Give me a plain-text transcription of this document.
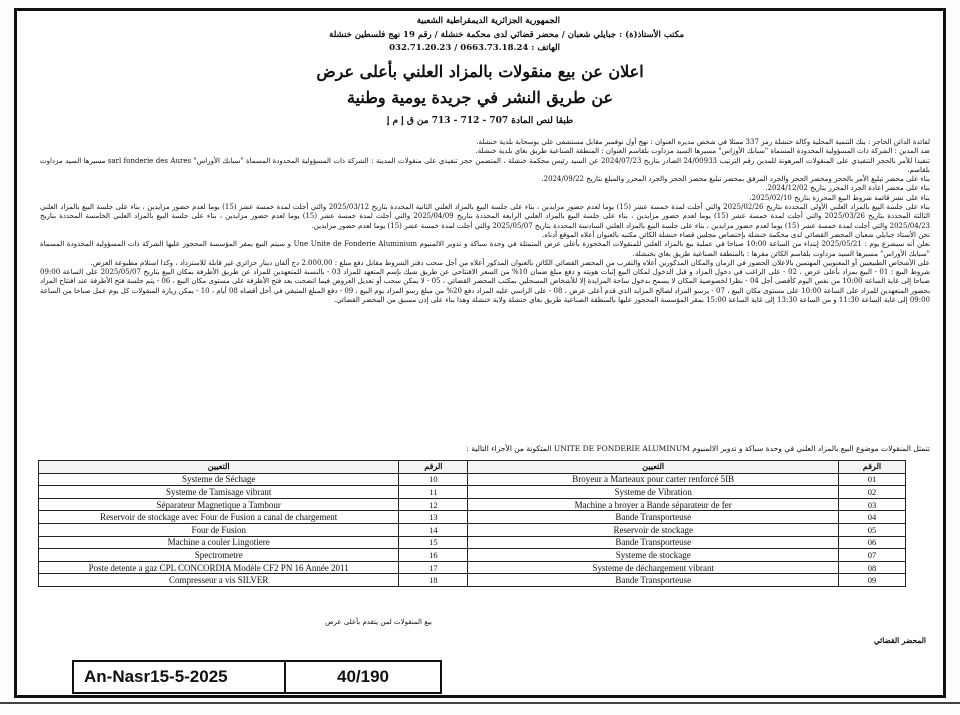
الجمهورية الجزائرية الديمقراطية الشعبية
مكتب الأستاذ(ة) : جبايلي شعبان / محضر قضائي لدى محكمة خنشلة / رقم 19 نهج فلسطين خنشلة
الهاتف : 0663.73.18.24 / 032.71.20.23
اعلان عن بيع منقولات بالمزاد العلني بأعلى عرض
عن طريق النشر في جريدة يومية وطنية
طبقا لنص المادة 707 - 712 - 713 من ق إ م إ

لفائدة الدائن الحاجز : بنك التنمية المحلية وكالة خنشلة رمز 337 ممثلا في شخص مديره العنوان : نهج أول نوفمبر مقابل مستشفى علي بوسحابة بلدية خنشلة.

ضد المدين : الشركة ذات المسؤولية المحدودة المسماة "سبابك الأوراس" مسيرها السيد مزداوت بلقاسم العنوان : المنطقة الصناعية طريق بغاي بلدية خنشلة.

تنفيذا للأمر بالحجز التنفيذي على المنقولات المرهونة للمدين رقم الترتيب 24/00933 الصادر بتاريخ 2024/07/23 عن السيد رئيس محكمة خنشلة ، المتضمن حجز تنفيذي على منقولات المدينة : الشركة ذات المسؤولية المحدودة المسماة "سبابك الأوراس" sarl fonderie des Aures مسيرها السيد مزداوت بلقاسم.

بناء على محضر تبليغ الأمر بالحجز ومحضر الحجز والجرد المرفق بمحضر تبليغ محضر الحجز والجرد المحرر والمبلغ بتاريخ 2024/09/22.

بناء على محضر اعادة الجرد المحرر بتاريخ 2024/12/02.

بناء على نشر قائمة شروط البيع المحررة بتاريخ 2025/02/10.

بناء على جلسة البيع بالمزاد العلني الأولى المحددة بتاريخ 2025/02/26 والتي أجلت لمدة خمسة عشر (15) يوما لعدم حضور مزايدين ، بناء على جلسة البيع بالمزاد العلني الثانية المحددة بتاريخ 2025/03/12 والتي أجلت لمدة خمسة عشر (15) يوما لعدم حضور مزايدين ، بناء على جلسة البيع بالمزاد العلني الثالثة المحددة بتاريخ 2025/03/26 والتي أجلت لمدة خمسة عشر (15) يوما لعدم حضور مزايدين ، بناء على جلسة البيع بالمزاد العلني الرابعة المحددة بتاريخ 2025/04/09 والتي أجلت لمدة خمسة عشر (15) يوما لعدم حضور مزايدين ، بناء على جلسة البيع بالمزاد العلني الخامسة المحددة بتاريخ 2025/04/23 والتي أجلت لمدة خمسة عشر (15) يوما لعدم حضور مزايدين ، بناء على جلسة البيع بالمزاد العلني السادسة المحددة بتاريخ 2025/05/07 والتي أجلت لمدة خمسة عشر (15) يوما لعدم حضور مزايدين.

نحن الأستاذ جبايلي شعبان المحضر القضائي لدى محكمة خنشلة بإختصاص مجلس قضاء خنشلة الكائن مكتبه بالعنوان أعلاه الموقع أدناه.

نعلن أنه سيشرع يوم : 2025/05/21 إبتداء من الساعة 10:00 صباحا في عملية بيع بالمزاد العلني للمنقولات المحجوزة بأعلى عرض المتمثلة في وحدة سباكة و تدوير الالمنيوم Une Unite de Fonderie Aluminium و سيتم البيع بمقر المؤسسة المحجوز عليها الشركة ذات المسؤولية المحدودة المسماة "سبابك الأوراس" مسيرها السيد مزداوت بلقاسم الكائن مقرها : بالمنطقة الصناعية طريق بغاي بخنشلة.

على الأشخاص الطبيعيين أو المعنويين المهتمين بالاعلان الحضور في الزمان والمكان المذكورين أعلاه والتقرب من المحضر القضائي الكائن بالعنوان المذكور أعلاه من أجل سحب دفتر الشروط مقابل دفع مبلغ : 2.000.00 دج ألفان دينار جزائري غير قابلة للاسترداد ، وكذا استلام مطبوعة العرض.

شروط البيع : 01 - البيع بمزاد بأعلى عرض ، 02 - على الراغب في دخول المزاد و قبل الدخول لمكان البيع إثبات هويته و دفع مبلغ ضمان 10% من السعر الافتتاحي عن طريق شيك بإسم المتعهد للمزاد 03 - بالنسبة للمتعهدين للمزاد عن طريق الأظرفة بمكان البيع بتاريخ 2025/05/07 على الساعة 09:00 صباحا إلى غاية الساعة 10:00 من نفس اليوم كأقصى أجل 04 - نظرا لخصوصية المكان لا يسمح بدخول ساحة المزايدة إلا للأشخاص المسجلين بمكتب المحضر القضائي ، 05 - لا يمكن سحب أو تعديل العروض فيما اتضحت بعد فتح الأظرفة على مستوى مكان البيع ، 06 - يتم جلسة فتح الأظرفة عند افتتاح المزاد بحضور المتعهدين للمزاد على الساعة 10:00 على مستوى مكان البيع ، 07 - يرسو المزاد لصالح المزايد الذي قدم أعلى عرض ، 08 - على الراسي عليه المزاد دفع 20% من مبلغ رسو المزاد يوم البيع ، 09 - دفع المبلغ المتبقي في أجل أقصاه 08 أيام ، 10 - يمكن زيارة المنقولات كل يوم عمل صباحا من الساعة 09:00 إلى غاية الساعة 11:30 و من الساعة 13:30 إلى غاية الساعة 15:00 بمقر المؤسسة المحجوز عليها بالمنطقة الصناعية طريق بغاي خنشلة ولاية خنشلة وهذا بناء على إذن مسبق من المحضر القضائي.

تتمثل المنقولات موضوع البيع بالمزاد العلني في وحدة سباكة و تدوير الالمنيوم UNITE DE FONDERIE ALUMINUM المتكونة من الأجزاء التالية :
التعيين	الرقم	التعيين	الرقم
Systeme de Séchage	10	Broyeur a Marteaux pour carter renforcé 5IB	01
Systeme de Tamisage vibrant	11	Systeme de Vibration	02
Séparateur Magnetique a Tambour	12	Machine a broyer a Bande séparateur de fer	03
Reservoir de stockage avec Four de Fusion a canal de chargement	13	Bande Transporteuse	04
Four de Fusion	14	Reservoir de stockage	05
Machine a couler Lingotiere	15	Bande Transporteuse	06
Spectrometre	16	Systeme de stockage	07
Poste detente a gaz CPL CONCORDIA Modèle CF2 PN 16 Année 2011	17	Systeme de déchargement vibrant	08
Compresseur a vis SILVER	18	Bande Transporteuse	09
بيع المنقولات لمن يتقدم بأعلى عرض
المحضر القضائي
An-Nasr15-5-2025	40/190
